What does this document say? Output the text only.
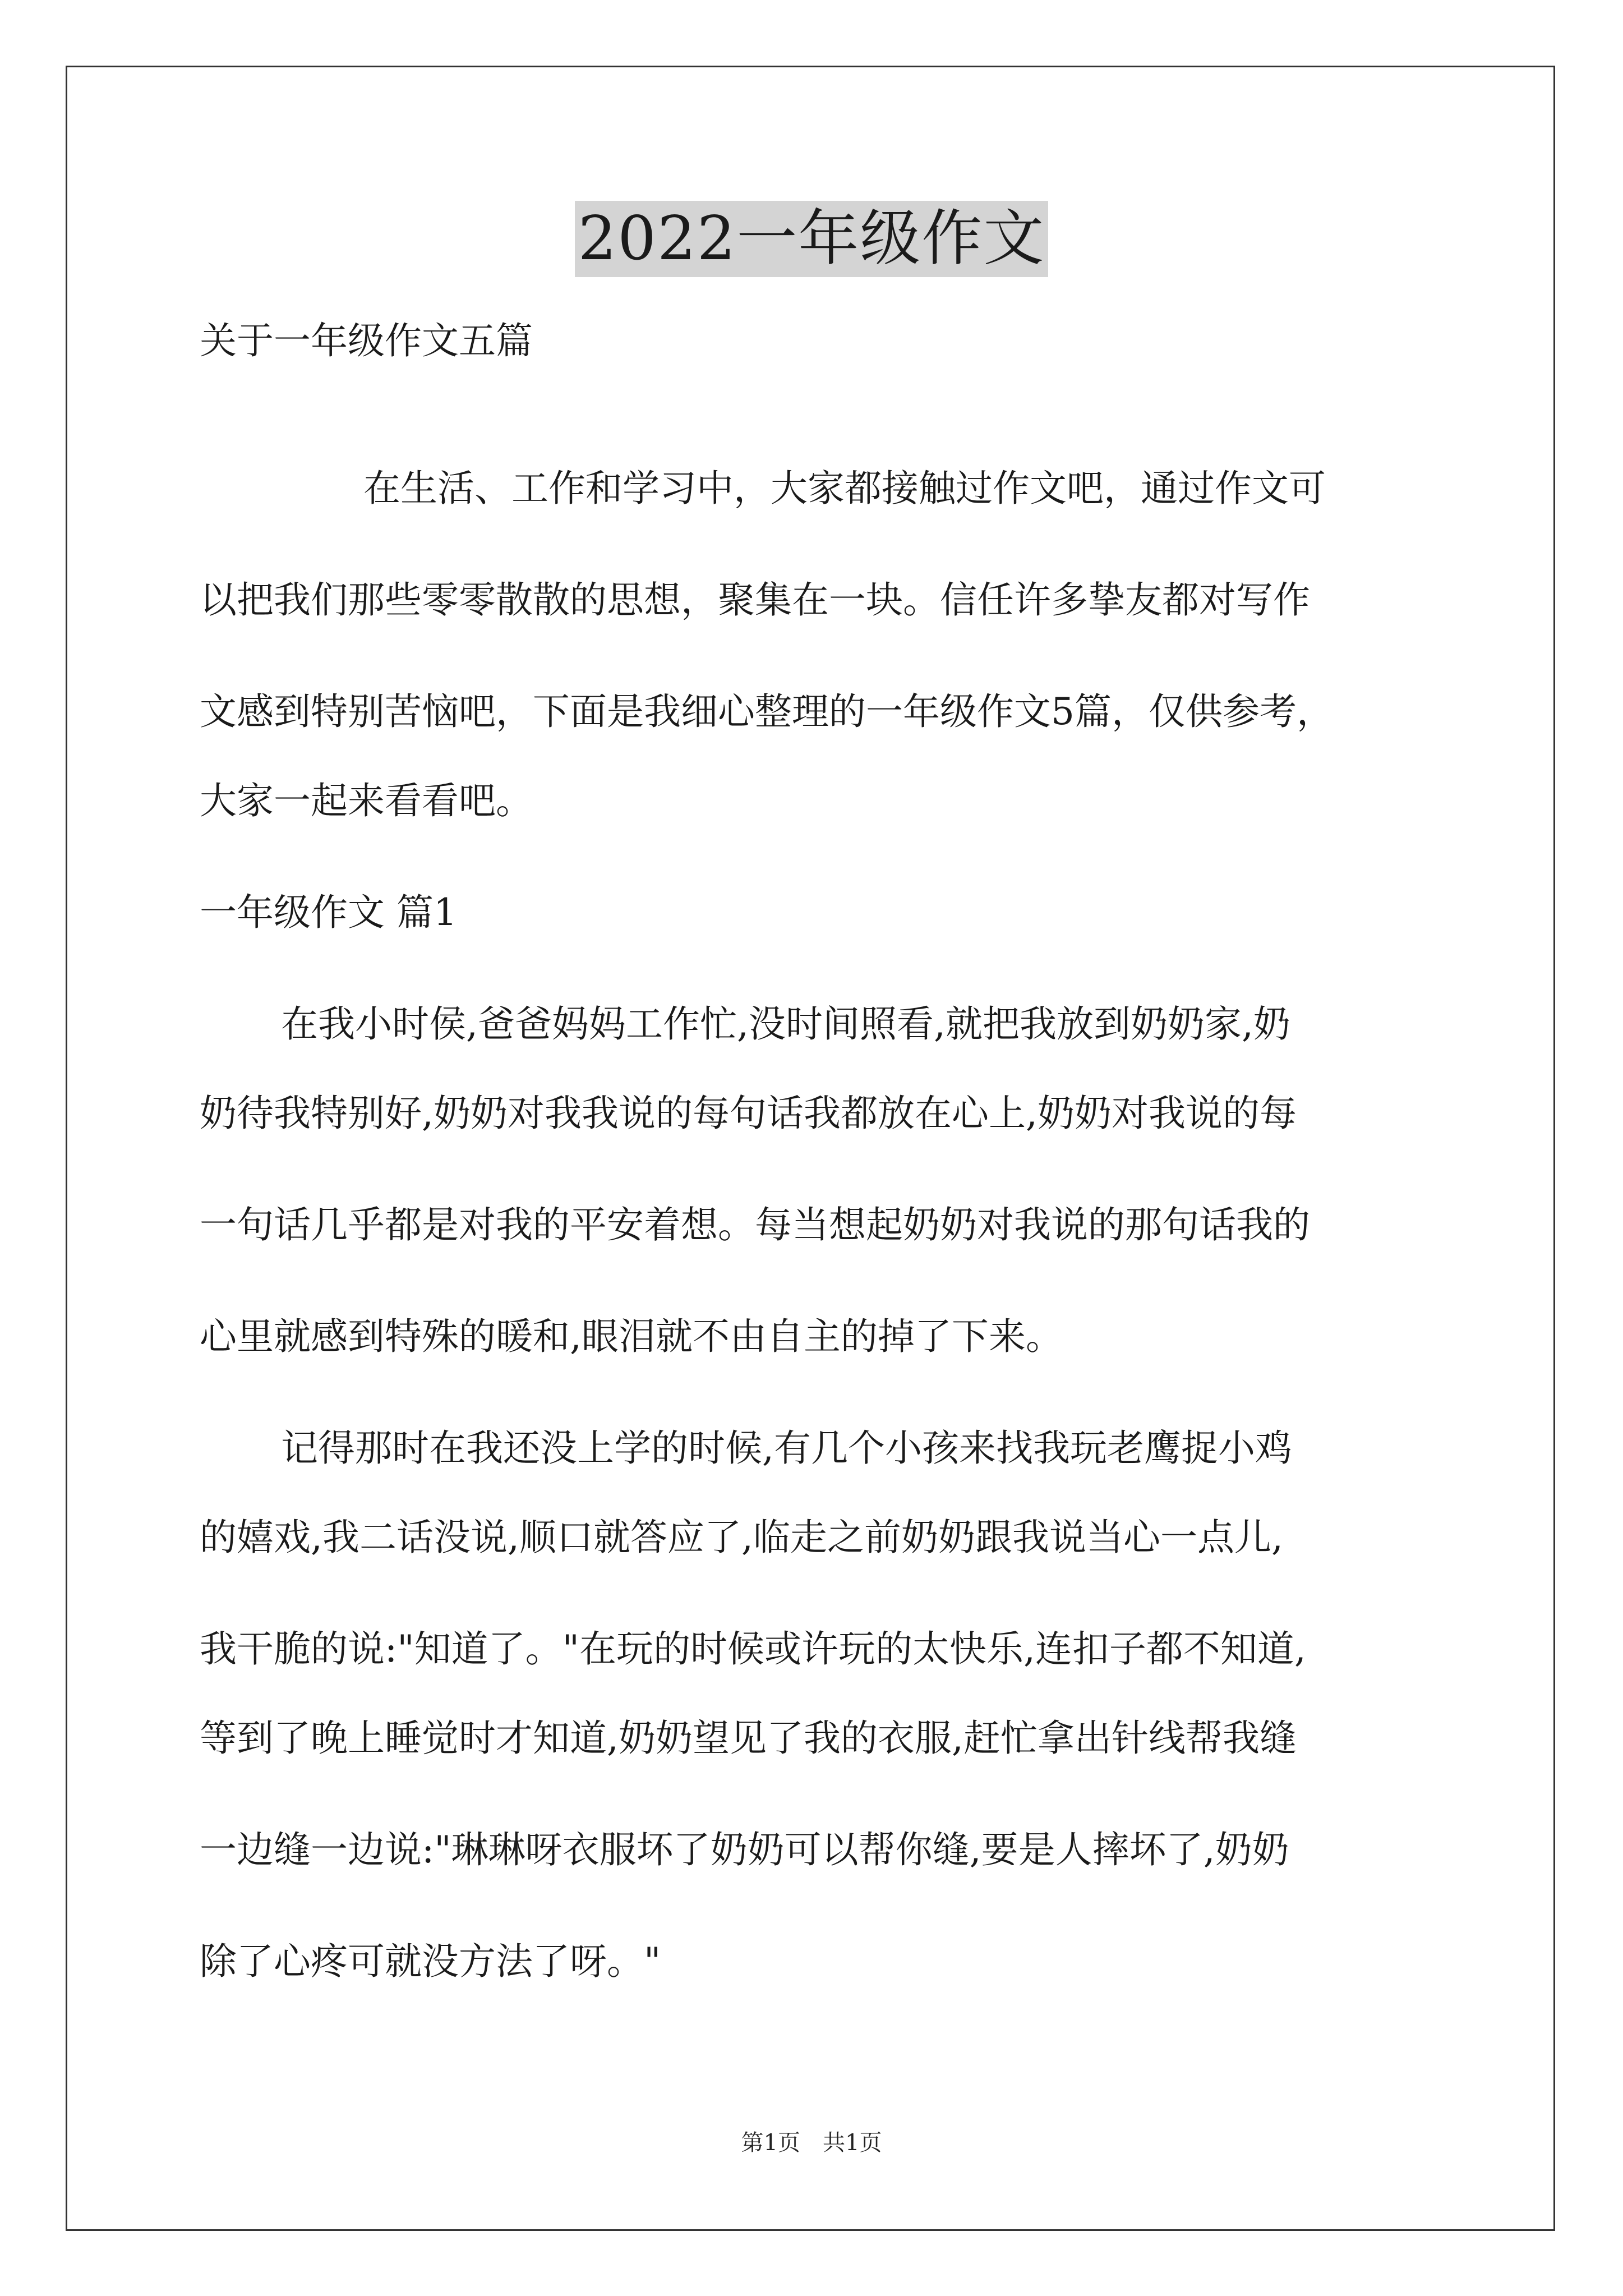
2022一年级作文
关于一年级作文五篇
在生活、工作和学习中，大家都接触过作文吧，通过作文可
以把我们那些零零散散的思想，聚集在一块。信任许多挚友都对写作
文感到特别苦恼吧，下面是我细心整理的一年级作文5篇，仅供参考，
大家一起来看看吧。
一年级作文 篇1
在我小时侯,爸爸妈妈工作忙,没时间照看,就把我放到奶奶家,奶
奶待我特别好,奶奶对我我说的每句话我都放在心上,奶奶对我说的每
一句话几乎都是对我的平安着想。每当想起奶奶对我说的那句话我的
心里就感到特殊的暖和,眼泪就不由自主的掉了下来。
记得那时在我还没上学的时候,有几个小孩来找我玩老鹰捉小鸡
的嬉戏,我二话没说,顺口就答应了,临走之前奶奶跟我说当心一点儿,
我干脆的说:"知道了。"在玩的时候或许玩的太快乐,连扣子都不知道,
等到了晚上睡觉时才知道,奶奶望见了我的衣服,赶忙拿出针线帮我缝
一边缝一边说:"琳琳呀衣服坏了奶奶可以帮你缝,要是人摔坏了,奶奶
除了心疼可就没方法了呀。"
第1页　共1页
